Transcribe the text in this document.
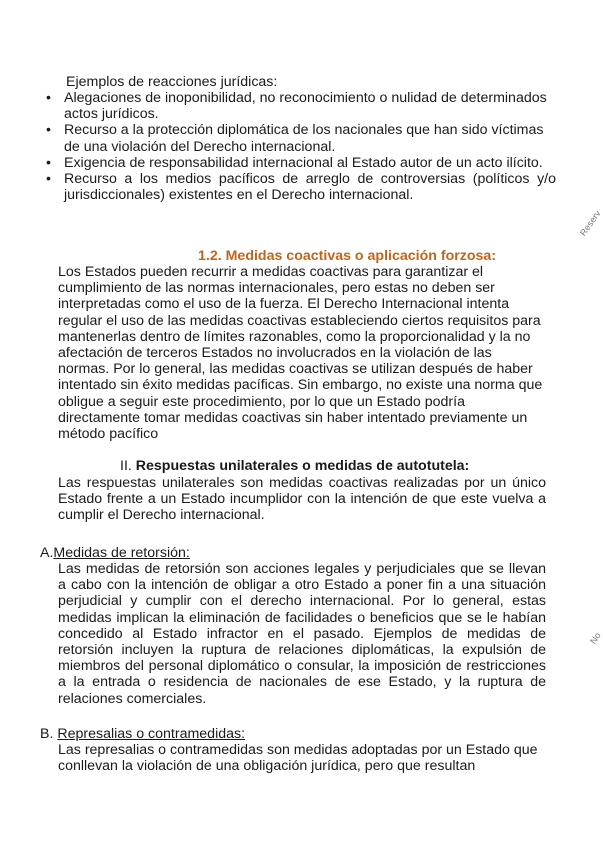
Ejemplos de reacciones jurídicas:

• Alegaciones de inoponibilidad, no reconocimiento o nulidad de determinados actos jurídicos.
• Recurso a la protección diplomática de los nacionales que han sido víctimas de una violación del Derecho internacional.
• Exigencia de responsabilidad internacional al Estado autor de un acto ilícito.
• Recurso a los medios pacíficos de arreglo de controversias (políticos y/o jurisdiccionales) existentes en el Derecho internacional.

1.2. Medidas coactivas o aplicación forzosa:

Los Estados pueden recurrir a medidas coactivas para garantizar el cumplimiento de las normas internacionales, pero estas no deben ser interpretadas como el uso de la fuerza. El Derecho Internacional intenta regular el uso de las medidas coactivas estableciendo ciertos requisitos para mantenerlas dentro de límites razonables, como la proporcionalidad y la no afectación de terceros Estados no involucrados en la violación de las normas. Por lo general, las medidas coactivas se utilizan después de haber intentado sin éxito medidas pacíficas. Sin embargo, no existe una norma que obligue a seguir este procedimiento, por lo que un Estado podría directamente tomar medidas coactivas sin haber intentado previamente un método pacífico

II. Respuestas unilaterales o medidas de autotutela:

Las respuestas unilaterales son medidas coactivas realizadas por un único Estado frente a un Estado incumplidor con la intención de que este vuelva a cumplir el Derecho internacional.

A.Medidas de retorsión:

Las medidas de retorsión son acciones legales y perjudiciales que se llevan a cabo con la intención de obligar a otro Estado a poner fin a una situación perjudicial y cumplir con el derecho internacional. Por lo general, estas medidas implican la eliminación de facilidades o beneficios que se le habían concedido al Estado infractor en el pasado. Ejemplos de medidas de retorsión incluyen la ruptura de relaciones diplomáticas, la expulsión de miembros del personal diplomático o consular, la imposición de restricciones a la entrada o residencia de nacionales de ese Estado, y la ruptura de relaciones comerciales.

B. Represalias o contramedidas:

Las represalias o contramedidas son medidas adoptadas por un Estado que conllevan la violación de una obligación jurídica, pero que resultan

Reserv
No
